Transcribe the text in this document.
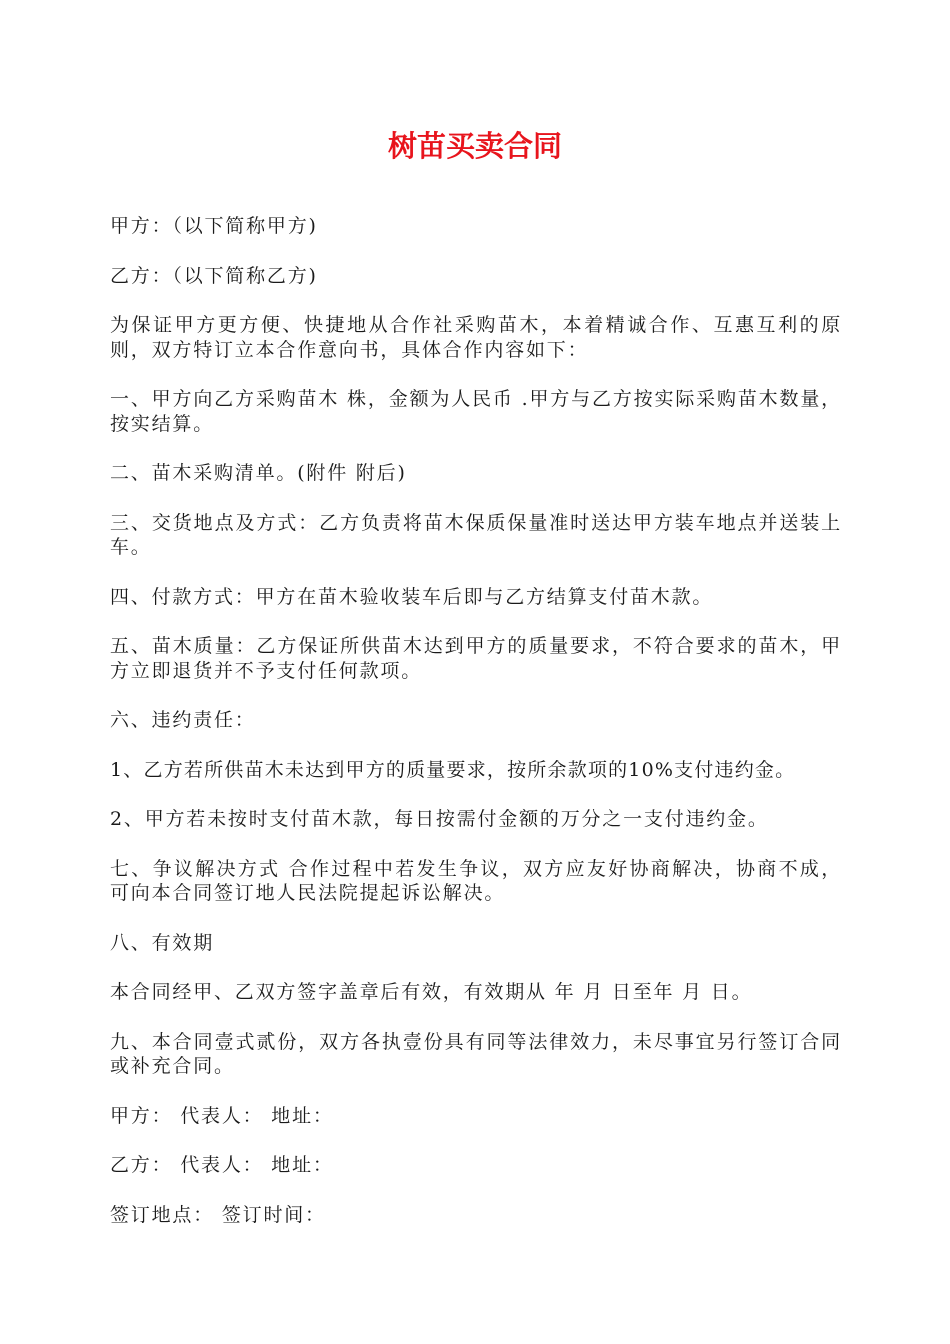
树苗买卖合同

甲方：（以下简称甲方)

乙方：（以下简称乙方)

为保证甲方更方便、快捷地从合作社采购苗木，本着精诚合作、互惠互利的原则，双方特订立本合作意向书，具体合作内容如下：

一、甲方向乙方采购苗木 株，金额为人民币 .甲方与乙方按实际采购苗木数量，按实结算。

二、苗木采购清单。(附件 附后)

三、交货地点及方式：乙方负责将苗木保质保量准时送达甲方装车地点并送装上车。

四、付款方式：甲方在苗木验收装车后即与乙方结算支付苗木款。

五、苗木质量：乙方保证所供苗木达到甲方的质量要求，不符合要求的苗木，甲方立即退货并不予支付任何款项。

六、违约责任：

1、乙方若所供苗木未达到甲方的质量要求，按所余款项的10%支付违约金。

2、甲方若未按时支付苗木款，每日按需付金额的万分之一支付违约金。

七、争议解决方式 合作过程中若发生争议，双方应友好协商解决，协商不成，可向本合同签订地人民法院提起诉讼解决。

八、有效期

本合同经甲、乙双方签字盖章后有效，有效期从 年 月 日至年 月 日。

九、本合同壹式贰份，双方各执壹份具有同等法律效力，未尽事宜另行签订合同或补充合同。

甲方： 代表人： 地址：

乙方： 代表人： 地址：

签订地点： 签订时间：
